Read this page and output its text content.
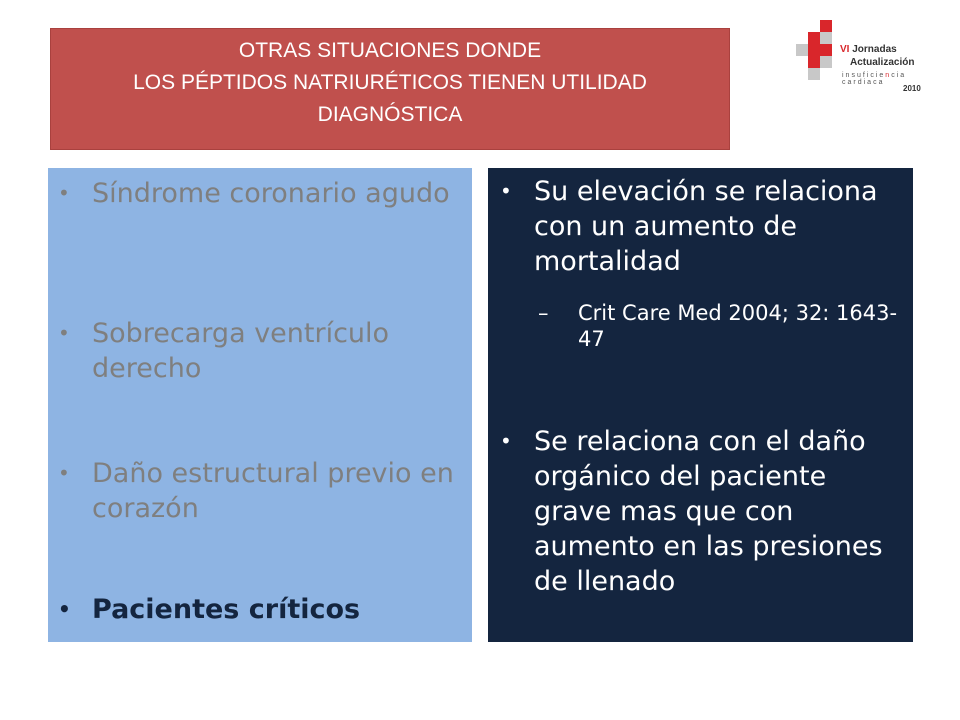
OTRAS SITUACIONES DONDE
LOS PÉPTIDOS NATRIURÉTICOS TIENEN UTILIDAD
DIAGNÓSTICA
VI Jornadas
Actualización
insuficiencia cardiaca
2010
• Síndrome coronario agudo
• Sobrecarga ventrículo derecho
• Daño estructural previo en corazón
• Pacientes críticos
• Su elevación se relaciona con un aumento de mortalidad
– Crit Care Med 2004; 32: 1643-47
• Se relaciona con el daño orgánico del paciente grave mas que con aumento en las presiones de llenado
